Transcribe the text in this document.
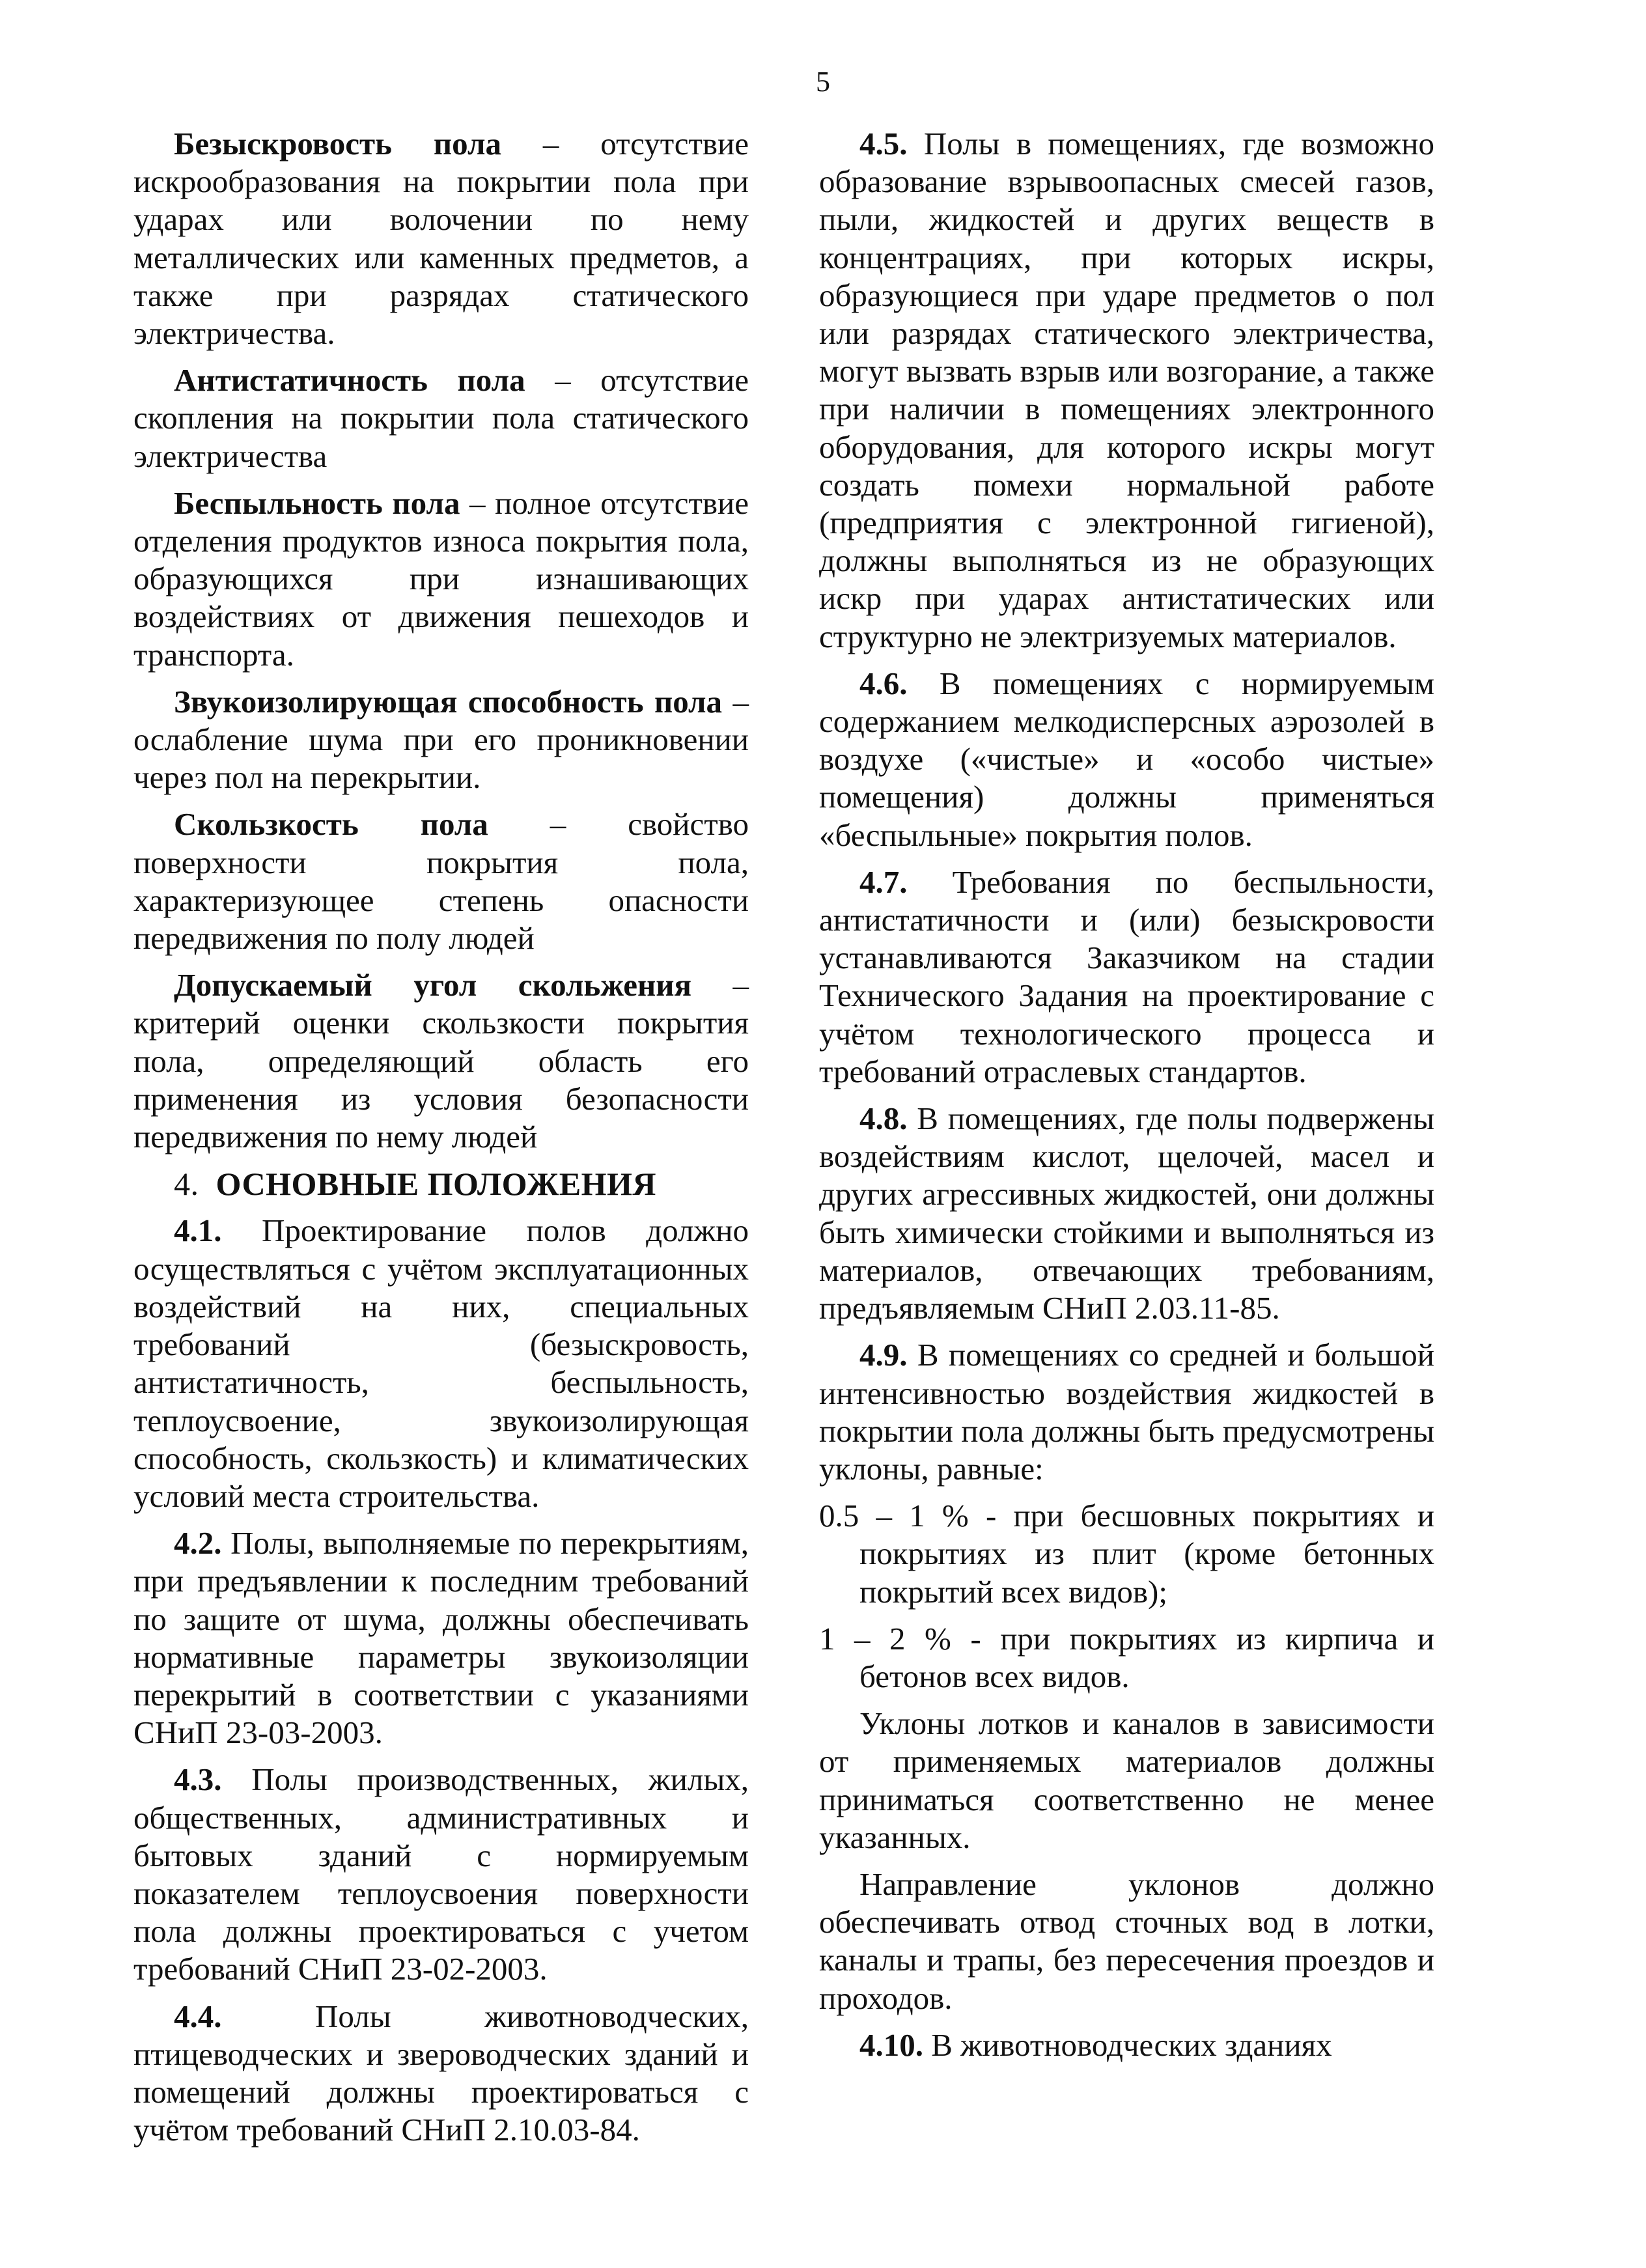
5

Безыскровость пола – отсутствие искрообразования на покрытии пола при ударах или волочении по нему металлических или каменных предметов, а также при разрядах статического электричества.

Антистатичность пола – отсутствие скопления на покрытии пола статического электричества

Беспыльность пола – полное отсутствие отделения продуктов износа покрытия пола, образующихся при изнашивающих воздействиях от движения пешеходов и транспорта.

Звукоизолирующая способность пола – ослабление шума при его проникновении через пол на перекрытии.

Скользкость пола – свойство поверхности покрытия пола, характеризующее степень опасности передвижения по полу людей

Допускаемый угол скольжения – критерий оценки скользкости покрытия пола, определяющий область его применения из условия безопасности передвижения по нему людей

4. ОСНОВНЫЕ ПОЛОЖЕНИЯ

4.1. Проектирование полов должно осуществляться с учётом эксплуатационных воздействий на них, специальных требований (безыскровость, антистатичность, беспыльность, теплоусвоение, звукоизолирующая способность, скользкость) и климатических условий места строительства.

4.2. Полы, выполняемые по перекрытиям, при предъявлении к последним требований по защите от шума, должны обеспечивать нормативные параметры звукоизоляции перекрытий в соответствии с указаниями СНиП 23-03-2003.

4.3. Полы производственных, жилых, общественных, административных и бытовых зданий с нормируемым показателем теплоусвоения поверхности пола должны проектироваться с учетом требований СНиП 23-02-2003.

4.4. Полы животноводческих, птицеводческих и звероводческих зданий и помещений должны проектироваться с учётом требований СНиП 2.10.03-84.

4.5. Полы в помещениях, где возможно образование взрывоопасных смесей газов, пыли, жидкостей и других веществ в концентрациях, при которых искры, образующиеся при ударе предметов о пол или разрядах статического электричества, могут вызвать взрыв или возгорание, а также при наличии в помещениях электронного оборудования, для которого искры могут создать помехи нормальной работе (предприятия с электронной гигиеной), должны выполняться из не образующих искр при ударах антистатических или структурно не электризуемых материалов.

4.6. В помещениях с нормируемым содержанием мелкодисперсных аэрозолей в воздухе («чистые» и «особо чистые» помещения) должны применяться «беспыльные» покрытия полов.

4.7. Требования по беспыльности, антистатичности и (или) безыскровости устанавливаются Заказчиком на стадии Технического Задания на проектирование с учётом технологического процесса и требований отраслевых стандартов.

4.8. В помещениях, где полы подвержены воздействиям кислот, щелочей, масел и других агрессивных жидкостей, они должны быть химически стойкими и выполняться из материалов, отвечающих требованиям, предъявляемым СНиП 2.03.11-85.

4.9. В помещениях со средней и большой интенсивностью воздействия жидкостей в покрытии пола должны быть предусмотрены уклоны, равные:

0.5 – 1 % - при бесшовных покрытиях и покрытиях из плит (кроме бетонных покрытий всех видов);

1 – 2 % - при покрытиях из кирпича и бетонов всех видов.

Уклоны лотков и каналов в зависимости от применяемых материалов должны приниматься соответственно не менее указанных.

Направление уклонов должно обеспечивать отвод сточных вод в лотки, каналы и трапы, без пересечения проездов и проходов.

4.10. В животноводческих зданиях
